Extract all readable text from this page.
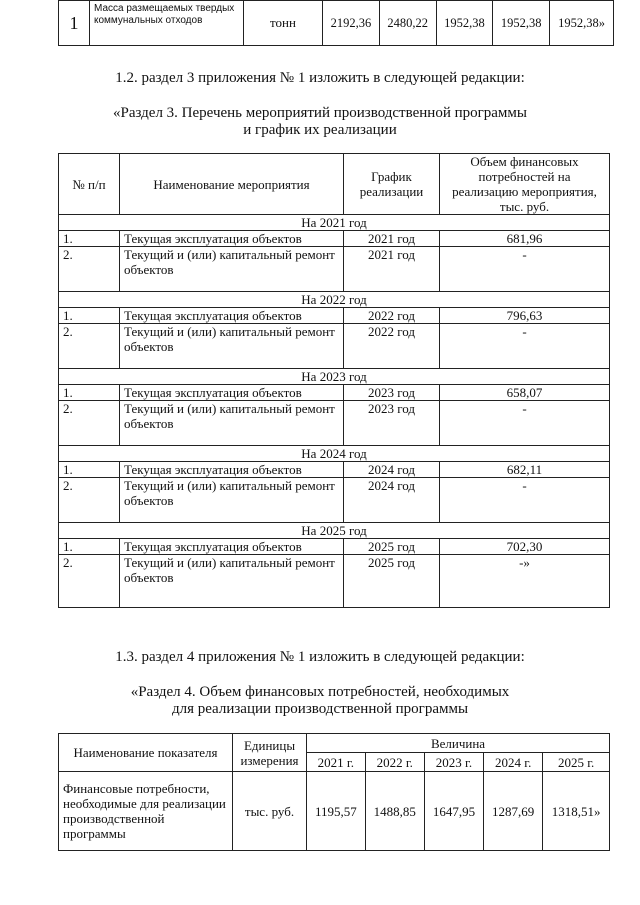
1	Масса размещаемых твердых коммунальных отходов	тонн	2192,36	2480,22	1952,38	1952,38	1952,38»

1.2. раздел 3 приложения № 1 изложить в следующей редакции:

«Раздел 3. Перечень мероприятий производственной программы

и график их реализации

№ п/п	Наименование мероприятия	График реализации	Объем финансовых потребностей на реализацию мероприятия, тыс. руб.
На 2021 год			
1.	Текущая эксплуатация объектов	2021 год	681,96
2.	Текущий и (или) капитальный ремонт объектов	2021 год	-
На 2022 год			
1.	Текущая эксплуатация объектов	2022 год	796,63
2.	Текущий и (или) капитальный ремонт объектов	2022 год	-
На 2023 год			
1.	Текущая эксплуатация объектов	2023 год	658,07
2.	Текущий и (или) капитальный ремонт объектов	2023 год	-
На 2024 год			
1.	Текущая эксплуатация объектов	2024 год	682,11
2.	Текущий и (или) капитальный ремонт объектов	2024 год	-
На 2025 год			
1.	Текущая эксплуатация объектов	2025 год	702,30
2.	Текущий и (или) капитальный ремонт объектов	2025 год	-»

1.3. раздел 4 приложения № 1 изложить в следующей редакции:

«Раздел 4. Объем финансовых потребностей, необходимых

для реализации производственной программы

Наименование показателя	Единицы измерения	Величина				
		2021 г.	2022 г.	2023 г.	2024 г.	2025 г.
Финансовые потребности, необходимые для реализации производственной программы	тыс. руб.	1195,57	1488,85	1647,95	1287,69	1318,51»
